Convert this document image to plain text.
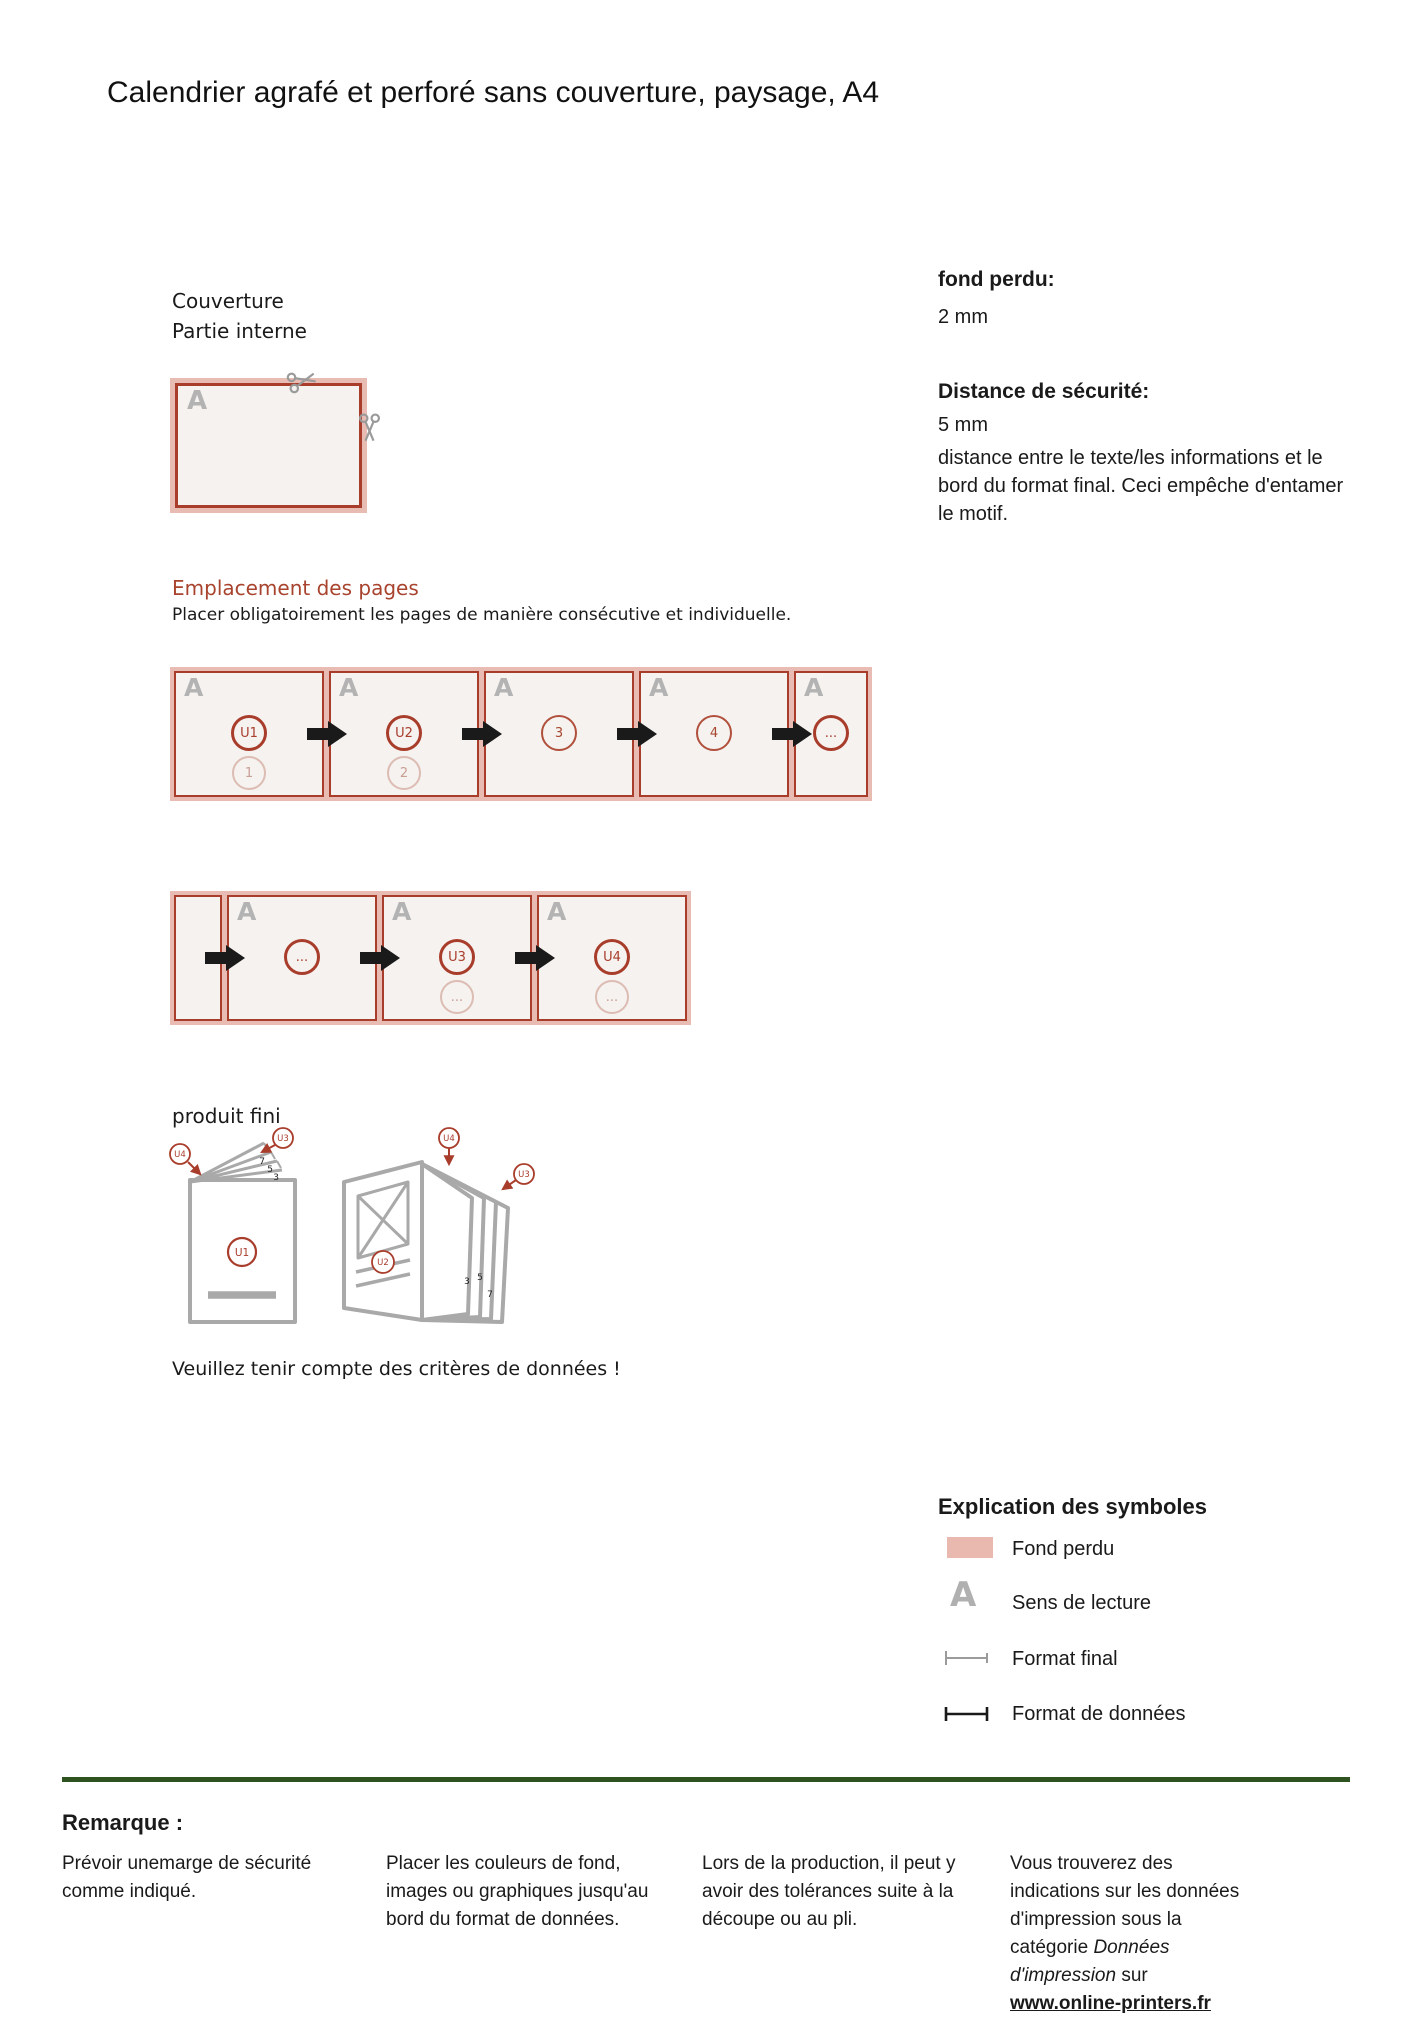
Calendrier agrafé et perforé sans couverture, paysage, A4
Couverture
Partie interne
A
fond perdu:
2 mm
Distance de sécurité:
5 mm
distance entre le texte/les informations et le bord du format final. Ceci empêche d'entamer le motif.
Emplacement des pages
Placer obligatoirement les pages de manière consécutive et individuelle.
A
U1
1
A
U2
2
A
3
A
4
A
...
A
...
A
U3
...
A
U4
...
produit fini
7
5
3
U4
U3
U1
3 5
7
U4
U3
U2
Veuillez tenir compte des critères de données !
Explication des symboles
Fond perdu
A Sens de lecture
Format final
Format de données
Remarque :
Prévoir unemarge de sécurité comme indiqué.
Placer les couleurs de fond, images ou graphiques jusqu'au bord du format de données.
Lors de la production, il peut y avoir des tolérances suite à la découpe ou au pli.
Vous trouverez des indications sur les données d'impression sous la catégorie Données d'impression sur www.online-printers.fr
